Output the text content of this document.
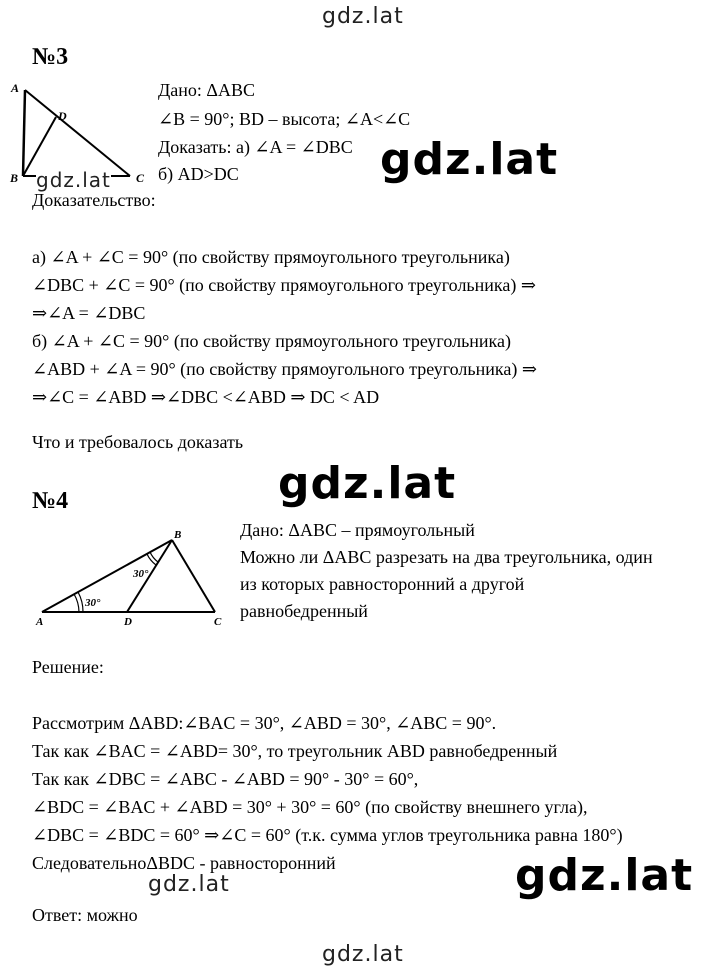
gdz.lat
№3
A
D
B	C
gdz.lat
Дано: ΔABC
∠B = 90°; BD – высота; ∠A<∠C
Доказать: а) ∠A = ∠DBC
б) AD>DC	gdz.lat
Доказательство:
а) ∠A + ∠C = 90° (по свойству прямоугольного треугольника)
∠DBC + ∠C = 90° (по свойству прямоугольного треугольника) ⇒
⇒∠A = ∠DBC
б) ∠A + ∠C = 90° (по свойству прямоугольного треугольника)
∠ABD + ∠A = 90° (по свойству прямоугольного треугольника) ⇒
⇒∠C = ∠ABD ⇒∠DBC <∠ABD ⇒ DC < AD
Что и требовалось доказать
gdz.lat
№4
30°
30°
A	D	C
B	Дано: ΔABC – прямоугольный
Можно ли ΔABC разрезать на два треугольника, один
из которых равносторонний а другой
равнобедренный
Решение:
Рассмотрим ΔABD:∠BAC = 30°, ∠ABD = 30°, ∠ABC = 90°.
Так как ∠BAC = ∠ABD= 30°, то треугольник ABD равнобедренный
Так как ∠DBC = ∠ABC - ∠ABD = 90° - 30° = 60°,
∠BDC = ∠BAC + ∠ABD = 30° + 30° = 60° (по свойству внешнего угла),
∠DBC = ∠BDC = 60° ⇒∠C = 60° (т.к. сумма углов треугольника равна 180°)
СледовательноΔBDC - равносторонний	gdz.lat
gdz.lat
Ответ: можно
gdz.lat
